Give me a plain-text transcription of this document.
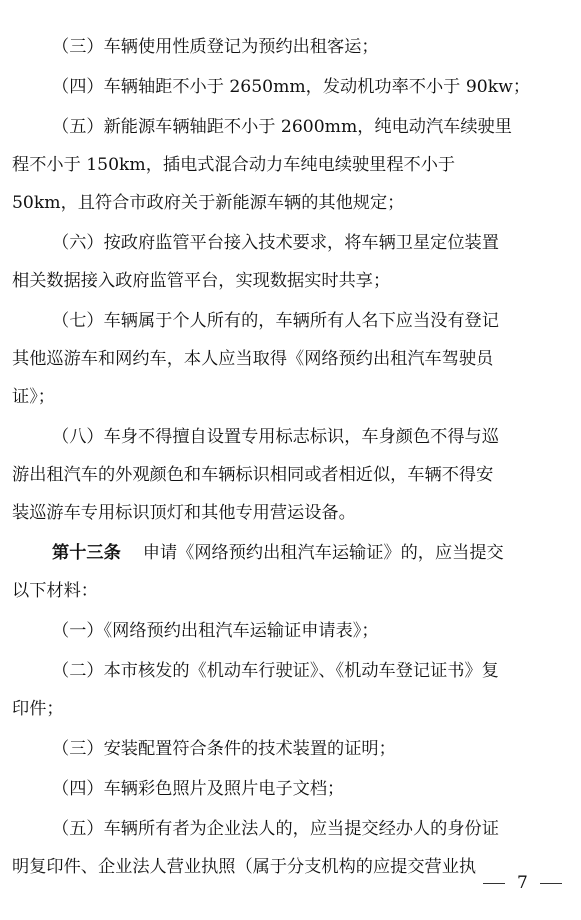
（三）车辆使用性质登记为预约出租客运；
（四）车辆轴距不小于 2650mm，发动机功率不小于 90kw；
（五）新能源车辆轴距不小于 2600mm，纯电动汽车续驶里
程不小于 150km，插电式混合动力车纯电续驶里程不小于
50km，且符合市政府关于新能源车辆的其他规定；
（六）按政府监管平台接入技术要求，将车辆卫星定位装置
相关数据接入政府监管平台，实现数据实时共享；
（七）车辆属于个人所有的，车辆所有人名下应当没有登记
其他巡游车和网约车，本人应当取得《网络预约出租汽车驾驶员
证》；
（八）车身不得擅自设置专用标志标识，车身颜色不得与巡
游出租汽车的外观颜色和车辆标识相同或者相近似，车辆不得安
装巡游车专用标识顶灯和其他专用营运设备。
第十三条 申请《网络预约出租汽车运输证》的，应当提交
以下材料：
（一）《网络预约出租汽车运输证申请表》；
（二）本市核发的《机动车行驶证》、《机动车登记证书》复
印件；
（三）安装配置符合条件的技术装置的证明；
（四）车辆彩色照片及照片电子文档；
（五）车辆所有者为企业法人的，应当提交经办人的身份证
明复印件、企业法人营业执照（属于分支机构的应提交营业执
7
